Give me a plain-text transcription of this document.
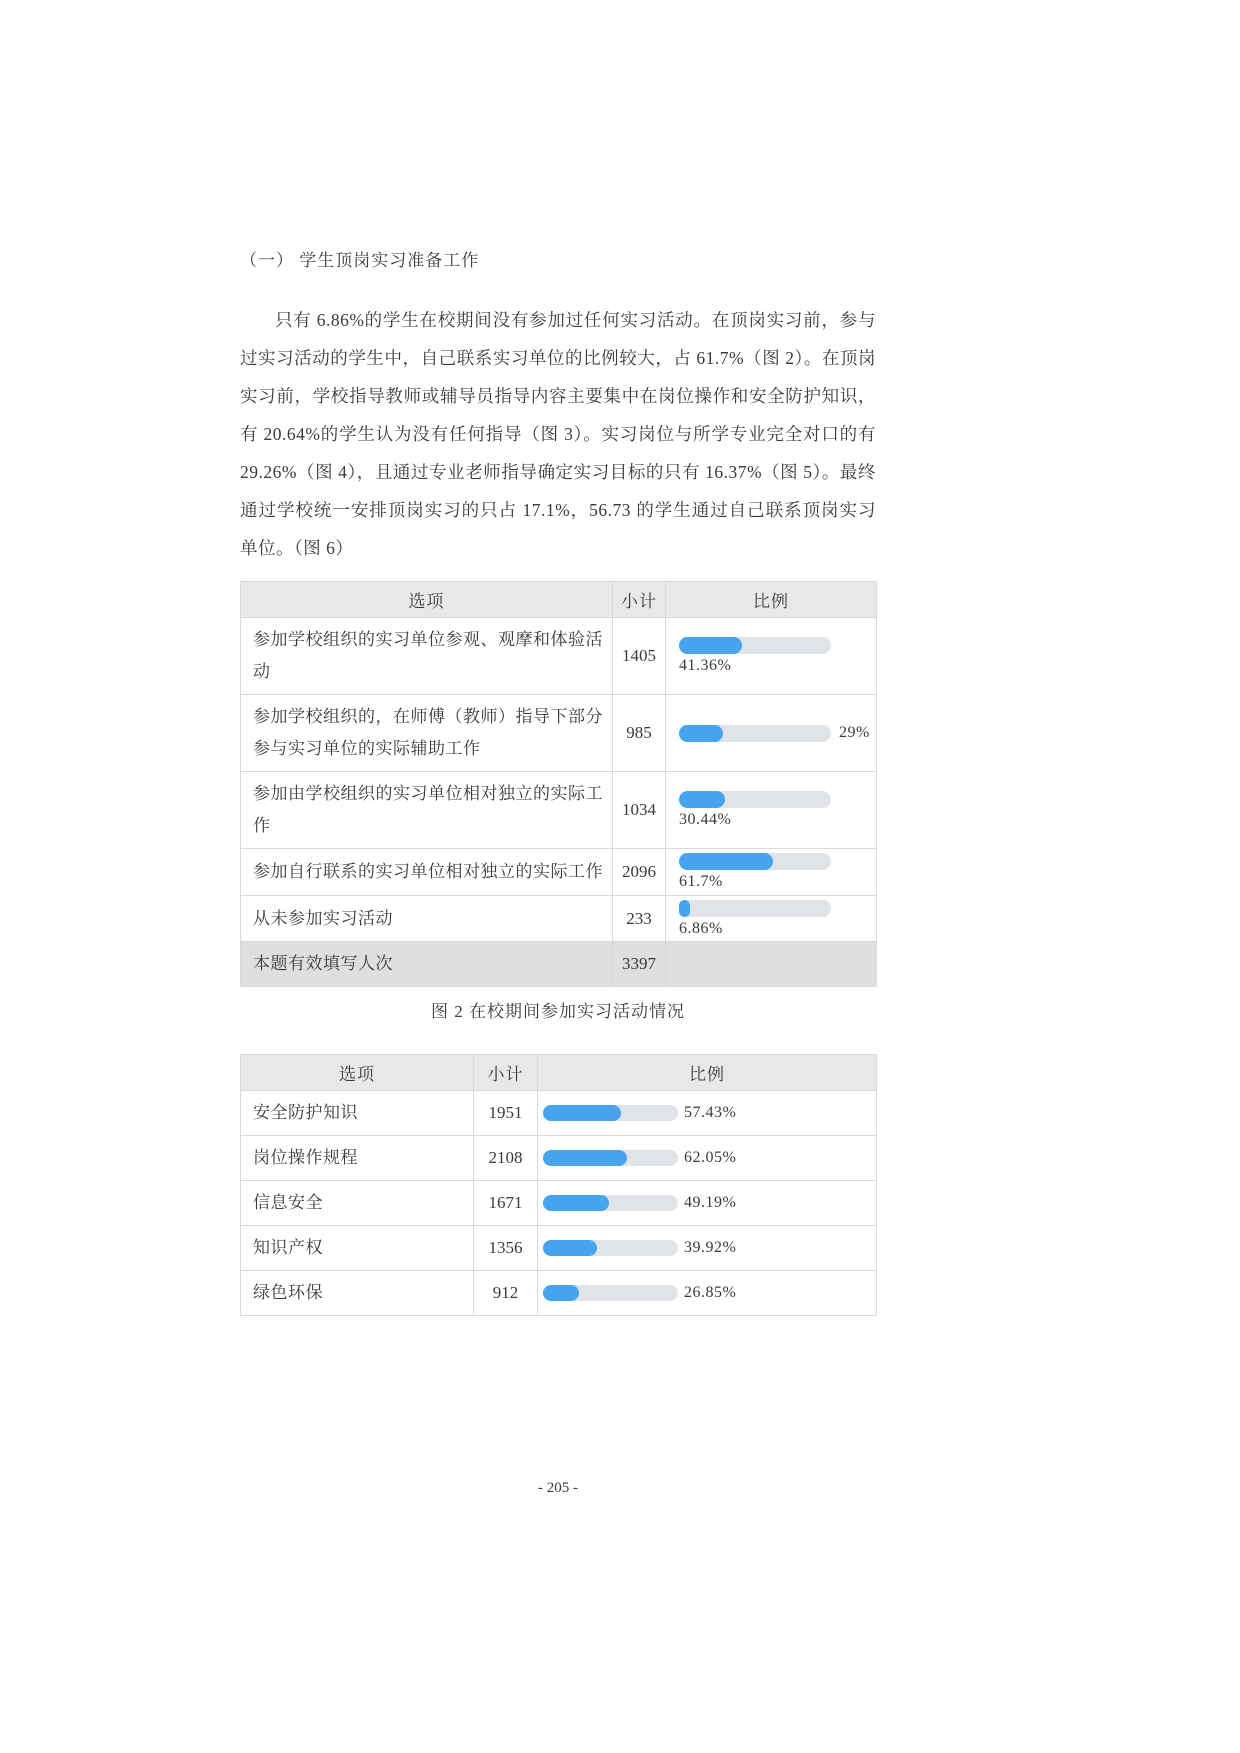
（一） 学生顶岗实习准备工作

只有 6.86%的学生在校期间没有参加过任何实习活动。在顶岗实习前，参与过实习活动的学生中，自己联系实习单位的比例较大，占 61.7%（图 2）。在顶岗实习前，学校指导教师或辅导员指导内容主要集中在岗位操作和安全防护知识，有 20.64%的学生认为没有任何指导（图 3）。实习岗位与所学专业完全对口的有 29.26%（图 4），且通过专业老师指导确定实习目标的只有 16.37%（图 5）。最终通过学校统一安排顶岗实习的只占 17.1%，56.73 的学生通过自己联系顶岗实习单位。（图 6）

选项	小计	比例
参加学校组织的实习单位参观、观摩和体验活动	1405	41.36%

参加学校组织的，在师傅（教师）指导下部分参与实习单位的实际辅助工作	985	29%

参加由学校组织的实习单位相对独立的实际工作	1034	30.44%

参加自行联系的实习单位相对独立的实际工作	2096	61.7%

从未参加实习活动	233	6.86%

本题有效填写人次	3397	
图 2 在校期间参加实习活动情况
选项	小计	比例
安全防护知识	1951	57.43%

岗位操作规程	2108	62.05%

信息安全	1671	49.19%

知识产权	1356	39.92%

绿色环保	912	26.85%
- 205 -
